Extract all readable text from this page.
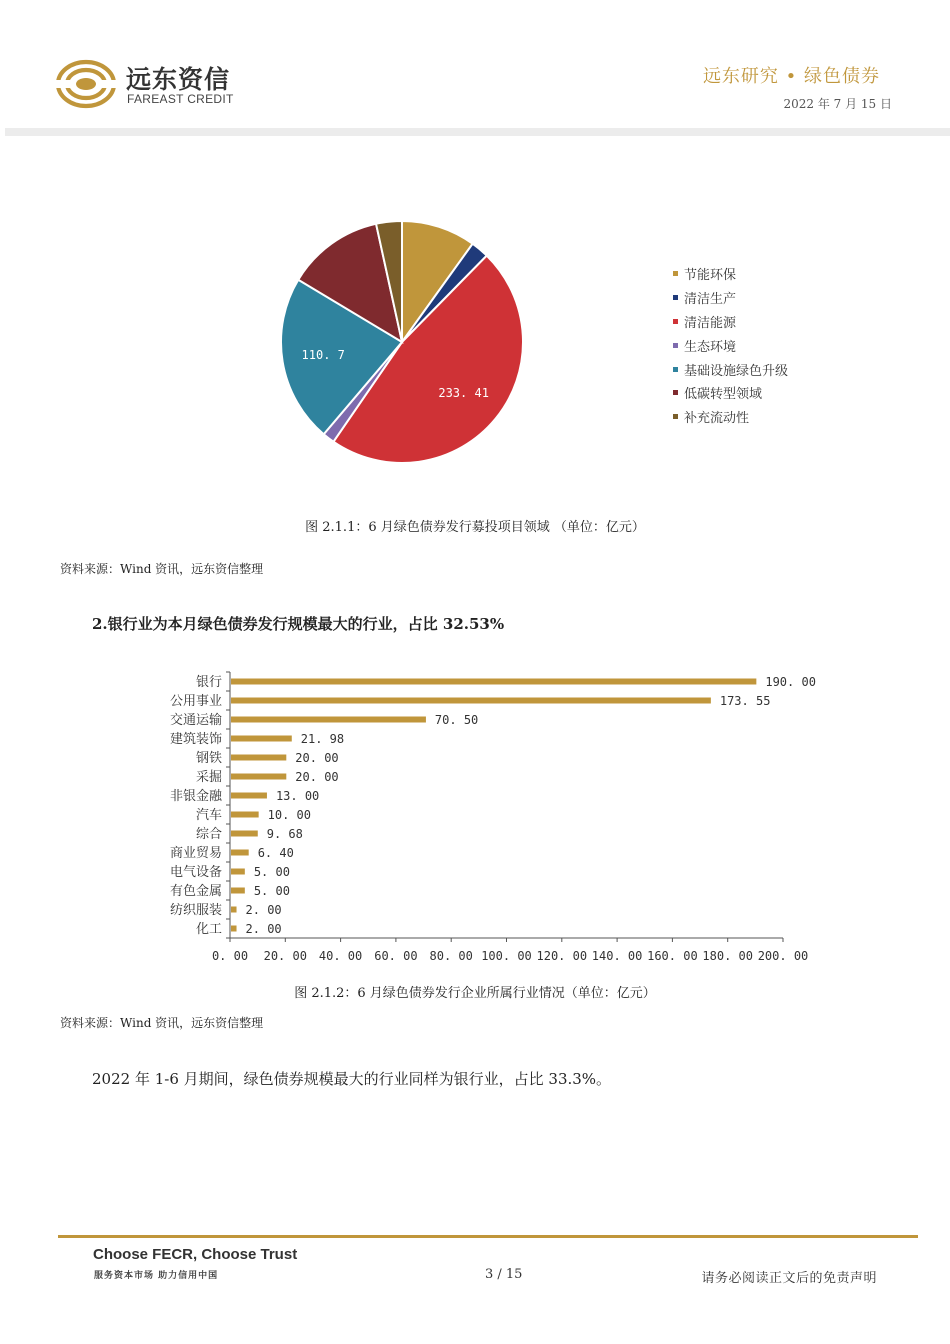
远东资信
FAREAST CREDIT
远东研究 • 绿色债券
2022 年 7 月 15 日
233. 41
110. 7
节能环保
清洁生产
清洁能源
生态环境
基础设施绿色升级
低碳转型领域
补充流动性
图 2.1.1：6 月绿色债券发行募投项目领域 （单位：亿元）
资料来源：Wind 资讯，远东资信整理
2.银行业为本月绿色债券发行规模最大的行业，占比 32.53%
银行	190. 00
公用事业	173. 55
交通运输	70. 50
建筑装饰	21. 98
钢铁	20. 00
采掘	20. 00
非银金融	13. 00
汽车	10. 00
综合	9. 68
商业贸易	6. 40
电气设备	5. 00
有色金属	5. 00
纺织服装 2. 00
化工 2. 00
0. 00 20. 00 40. 00 60. 00 80. 00 100. 00 120. 00 140. 00 160. 00 180. 00 200. 00
图 2.1.2：6 月绿色债券发行企业所属行业情况（单位：亿元）
资料来源：Wind 资讯，远东资信整理
2022 年 1-6 月期间，绿色债券规模最大的行业同样为银行业，占比 33.3%。
Choose FECR, Choose Trust
服务资本市场 助力信用中国	3 / 15	请务必阅读正文后的免责声明
